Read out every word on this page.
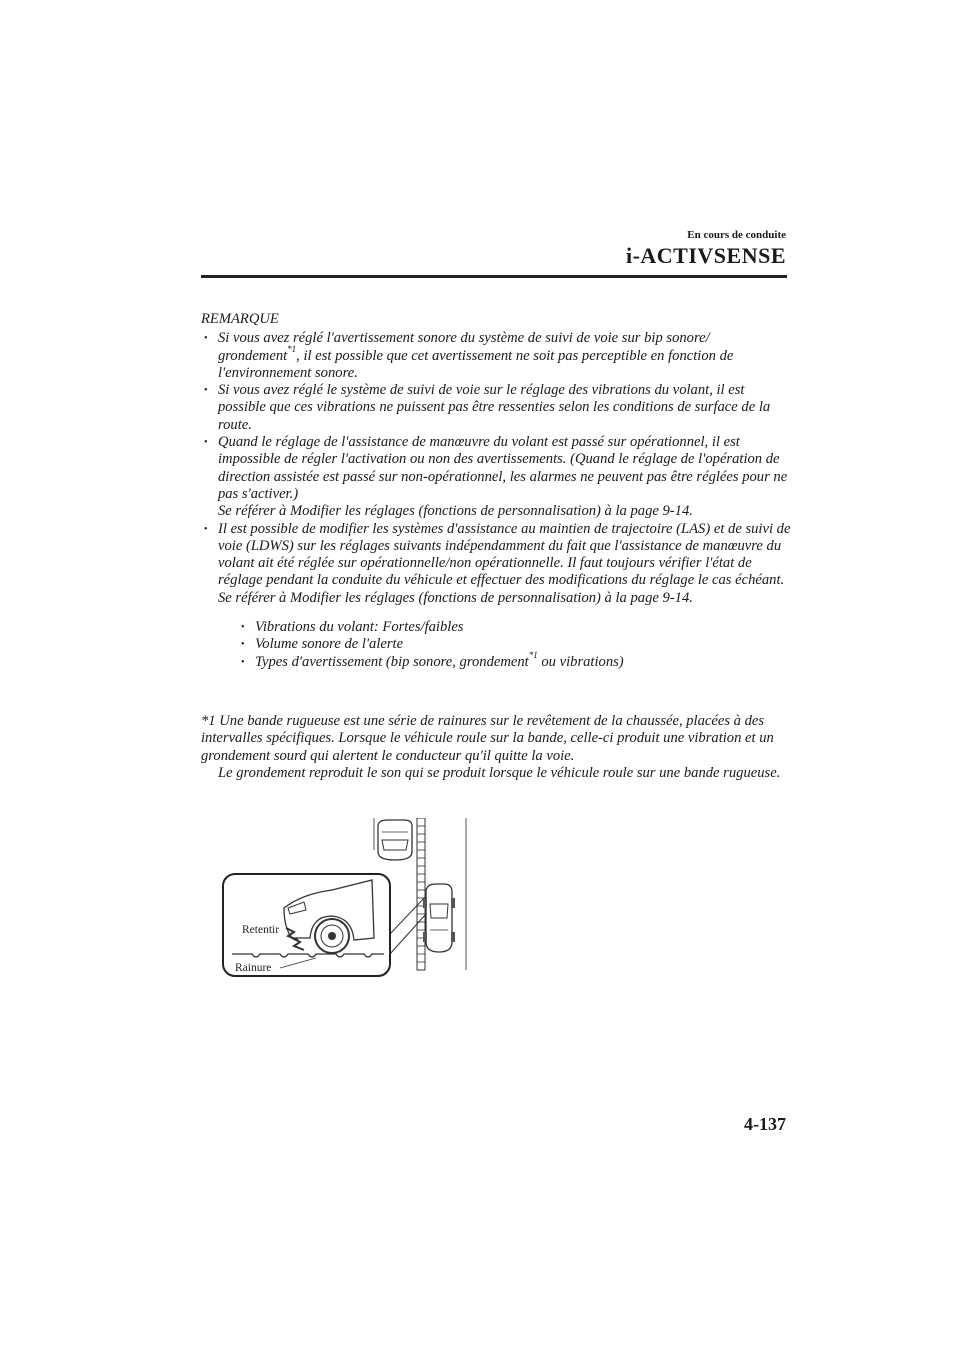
En cours de conduite
i-ACTIVSENSE
REMARQUE
• Si vous avez réglé l'avertissement sonore du système de suivi de voie sur bip sonore/ grondement$^{*1}$, il est possible que cet avertissement ne soit pas perceptible en fonction de l'environnement sonore.
• Si vous avez réglé le système de suivi de voie sur le réglage des vibrations du volant, il est possible que ces vibrations ne puissent pas être ressenties selon les conditions de surface de la route.
• Quand le réglage de l'assistance de manœuvre du volant est passé sur opérationnel, il est impossible de régler l'activation ou non des avertissements. (Quand le réglage de l'opération de direction assistée est passé sur non-opérationnel, les alarmes ne peuvent pas être réglées pour ne pas s'activer.)
Se référer à Modifier les réglages (fonctions de personnalisation) à la page 9-14.
• Il est possible de modifier les systèmes d'assistance au maintien de trajectoire (LAS) et de suivi de voie (LDWS) sur les réglages suivants indépendamment du fait que l'assistance de manœuvre du volant ait été réglée sur opérationnelle/non opérationnelle. Il faut toujours vérifier l'état de réglage pendant la conduite du véhicule et effectuer des modifications du réglage le cas échéant.
Se référer à Modifier les réglages (fonctions de personnalisation) à la page 9-14.
• Vibrations du volant: Fortes/faibles
• Volume sonore de l'alerte
• Types d'avertissement (bip sonore, grondement$^{*1}$ ou vibrations)
*1 Une bande rugueuse est une série de rainures sur le revêtement de la chaussée, placées à des intervalles spécifiques. Lorsque le véhicule roule sur la bande, celle-ci produit une vibration et un grondement sourd qui alertent le conducteur qu'il quitte la voie.
Le grondement reproduit le son qui se produit lorsque le véhicule roule sur une bande rugueuse.
Retentir
Rainure
4-137
